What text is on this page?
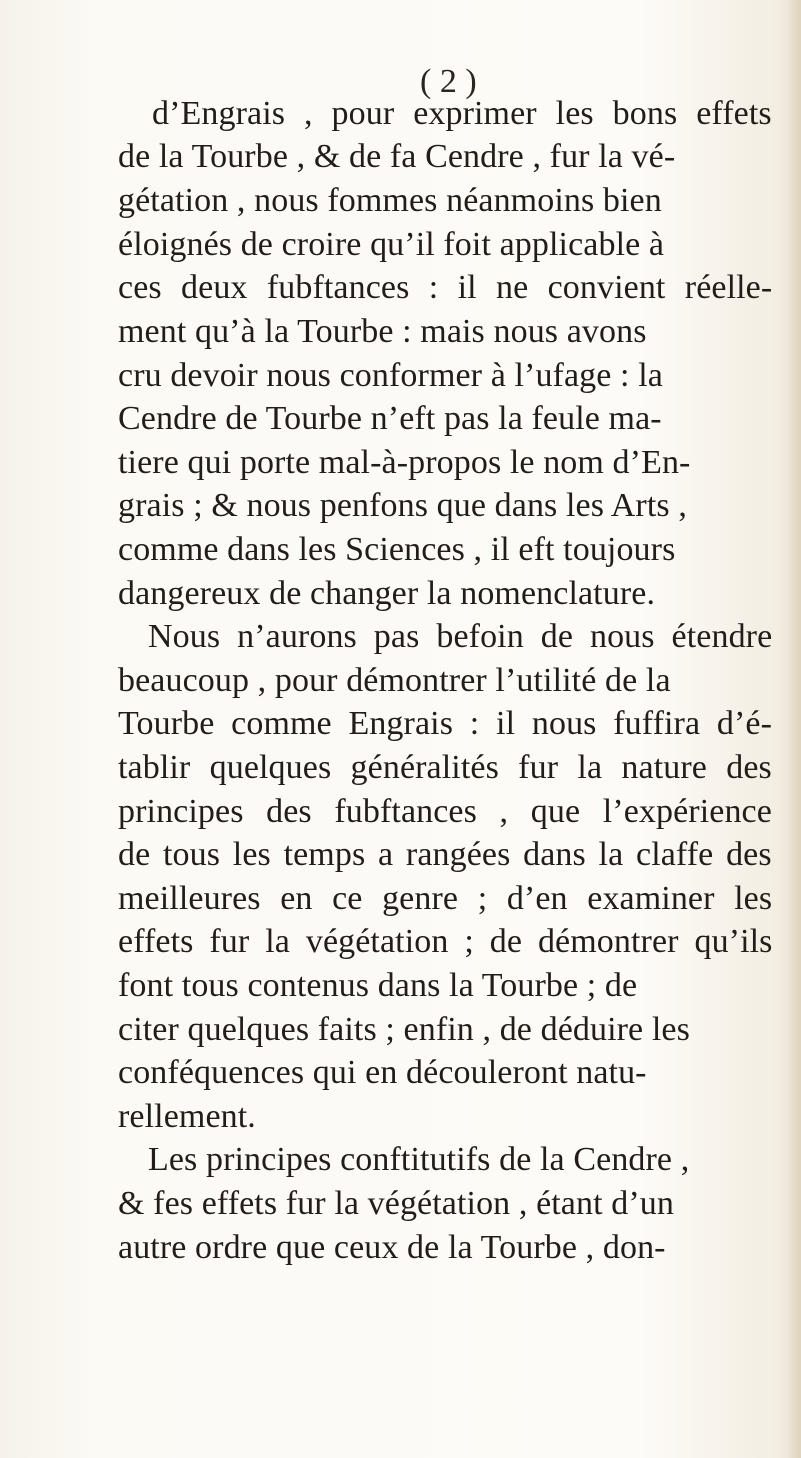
( 2 )
d’Engrais , pour exprimer les bons effets
de la Tourbe , & de fa Cendre , fur la vé-
gétation , nous fommes néanmoins bien
éloignés de croire qu’il foit applicable à
ces deux fubftances : il ne convient réelle-
ment qu’à la Tourbe : mais nous avons
cru devoir nous conformer à l’ufage : la
Cendre de Tourbe n’eft pas la feule ma-
tiere qui porte mal-à-propos le nom d’En-
grais ; & nous penfons que dans les Arts ,
comme dans les Sciences , il eft toujours
dangereux de changer la nomenclature.
Nous n’aurons pas befoin de nous étendre
beaucoup , pour démontrer l’utilité de la
Tourbe comme Engrais : il nous fuffira d’é-
tablir quelques généralités fur la nature des
principes des fubftances , que l’expérience
de tous les temps a rangées dans la claffe des
meilleures en ce genre ; d’en examiner les
effets fur la végétation ; de démontrer qu’ils
font tous contenus dans la Tourbe ; de
citer quelques faits ; enfin , de déduire les
conféquences qui en découleront natu-
rellement.
Les principes conftitutifs de la Cendre ,
& fes effets fur la végétation , étant d’un
autre ordre que ceux de la Tourbe , don-
